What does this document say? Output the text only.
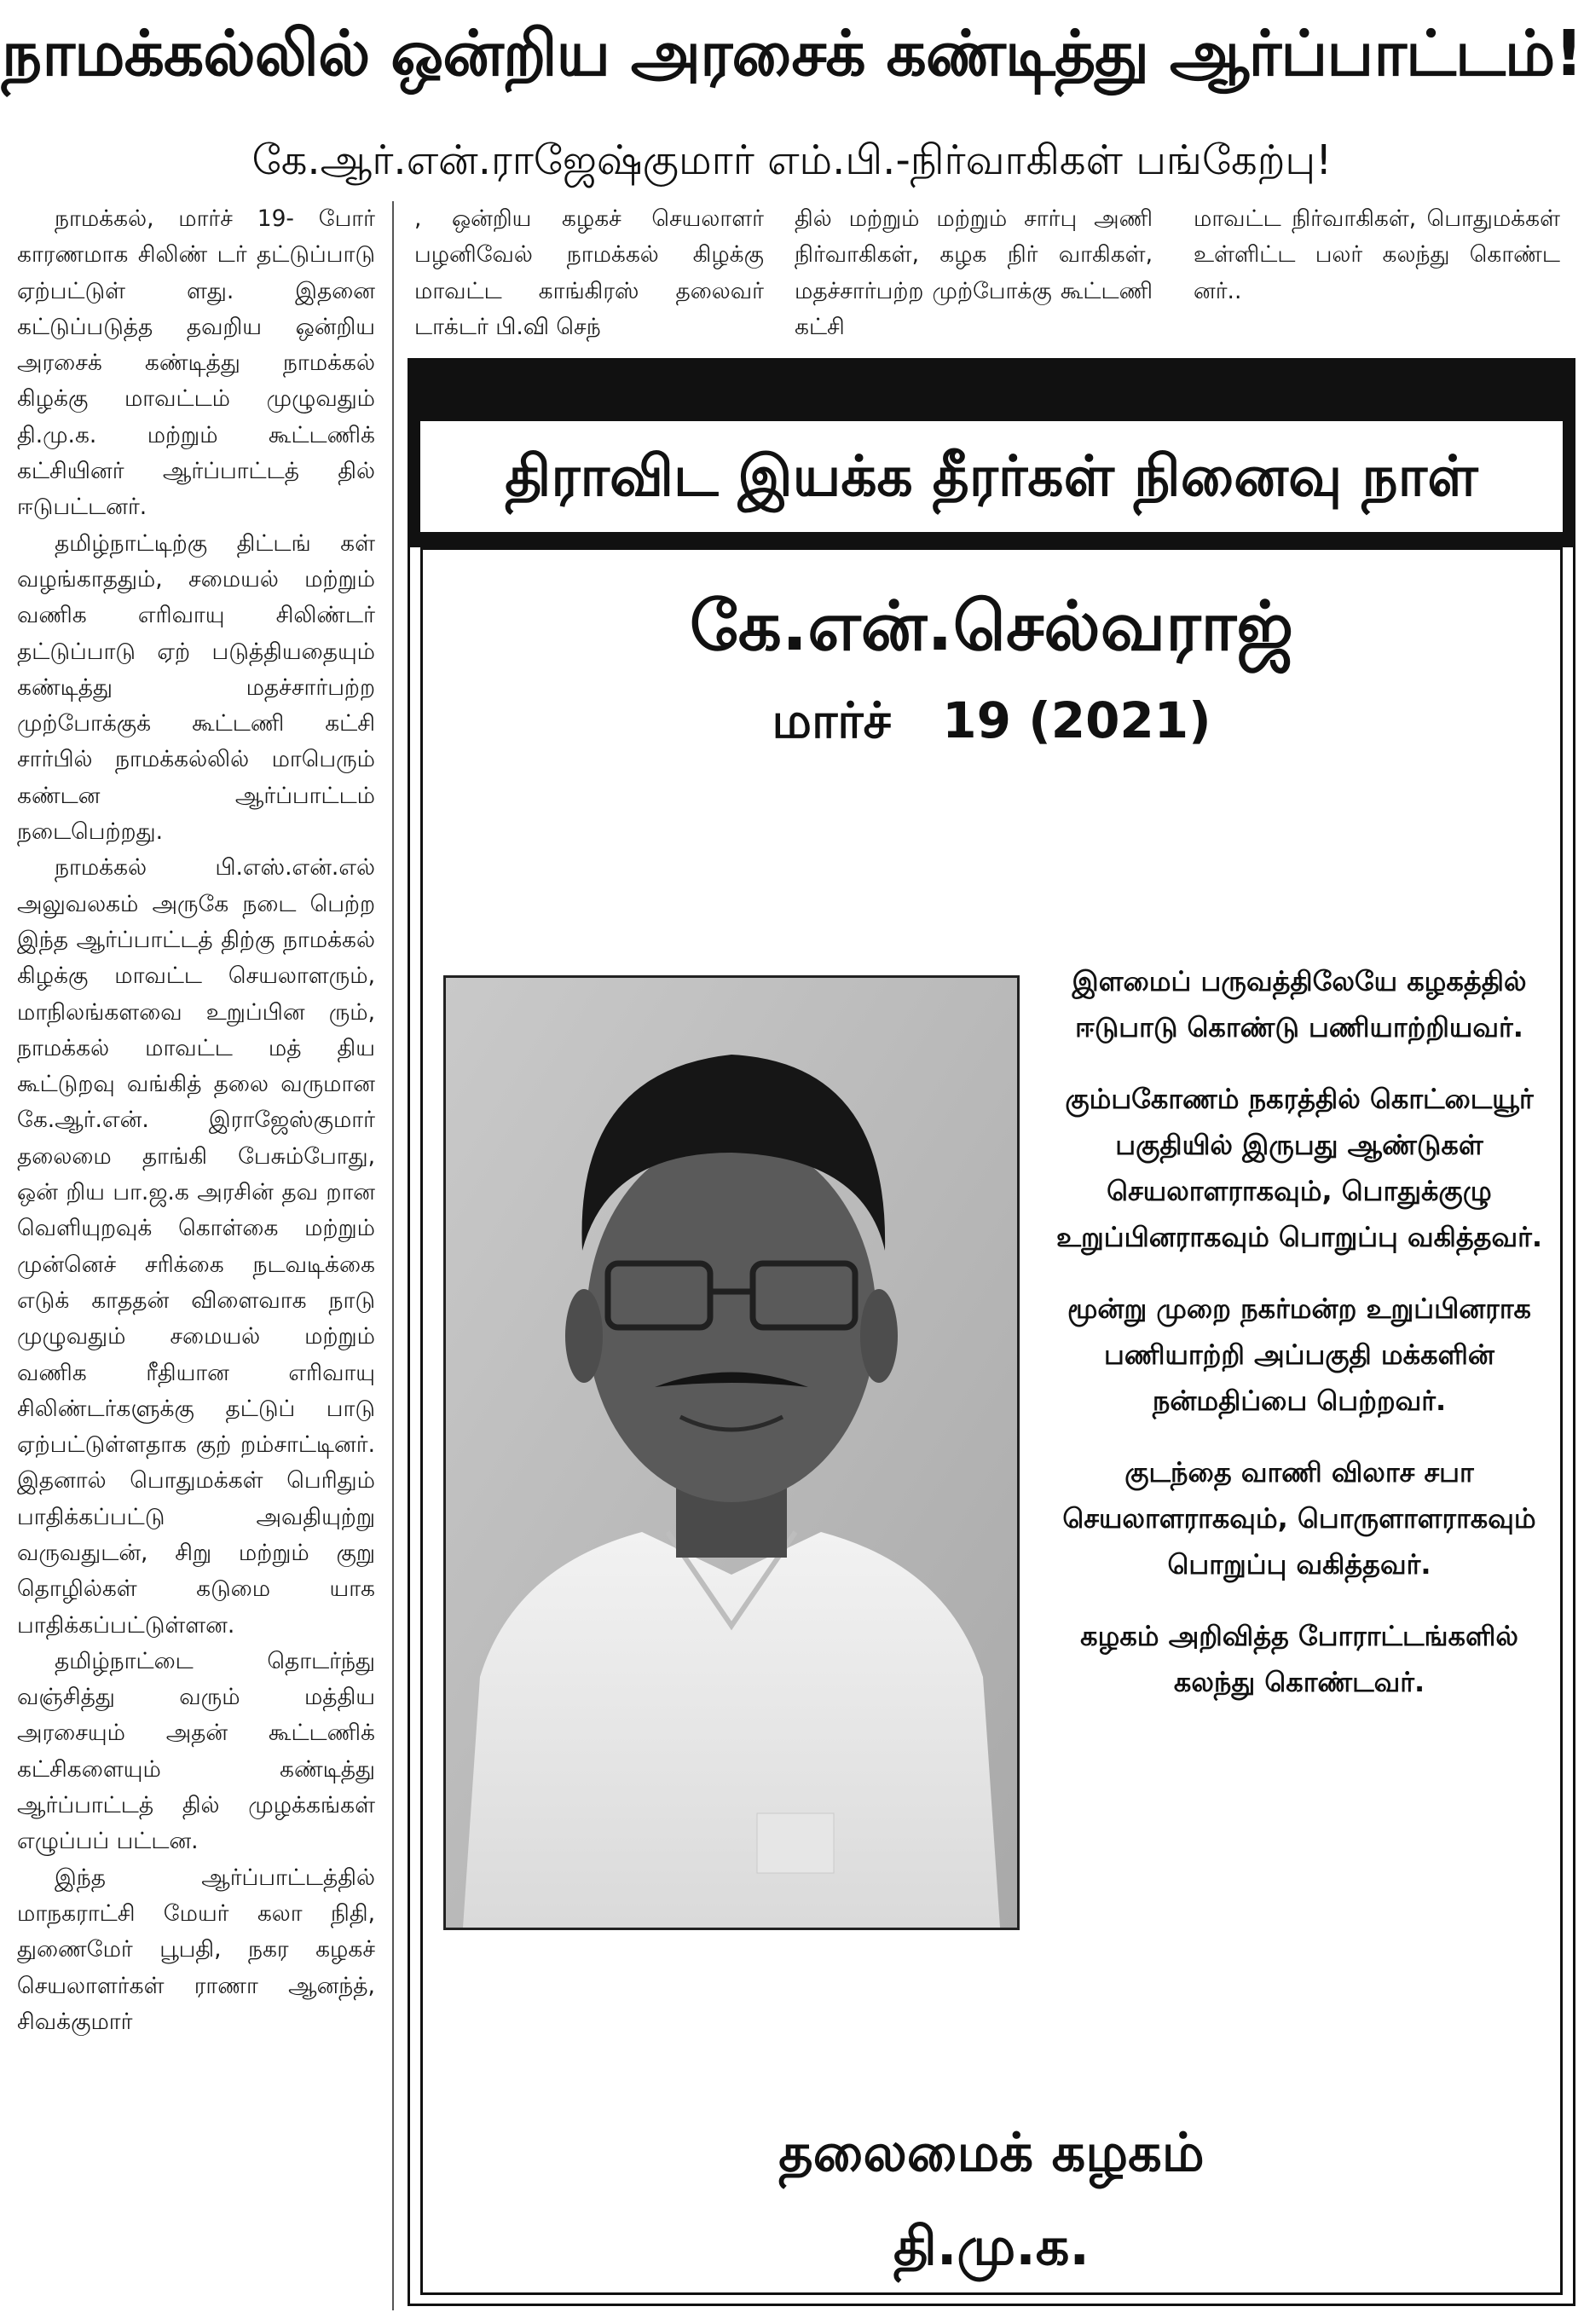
நாமக்கல்லில் ஒன்றிய அரசைக் கண்டித்து ஆர்ப்பாட்டம்!
கே.ஆர்.என்.ராஜேஷ்குமார் எம்.பி.-நிர்வாகிகள் பங்கேற்பு!

நாமக்கல், மார்ச் 19- போர் காரணமாக சிலிண் டர் தட்டுப்பாடு ஏற்பட்டுள் ளது. இதனை கட்டுப்படுத்த தவறிய ஒன்றிய அரசைக் கண்டித்து நாமக்கல் கிழக்கு மாவட்டம் முழுவதும் தி.மு.க. மற்றும் கூட்டணிக் கட்சியினர் ஆர்ப்பாட்டத் தில் ஈடுபட்டனர்.

தமிழ்நாட்டிற்கு திட்டங் கள் வழங்காததும், சமையல் மற்றும் வணிக எரிவாயு சிலிண்டர் தட்டுப்பாடு ஏற் படுத்தியதையும் கண்டித்து மதச்சார்பற்ற முற்போக்குக் கூட்டணி கட்சி சார்பில் நாமக்கல்லில் மாபெரும் கண்டன ஆர்ப்பாட்டம் நடைபெற்றது.

நாமக்கல் பி.எஸ்.என்.எல் அலுவலகம் அருகே நடை பெற்ற இந்த ஆர்ப்பாட்டத் திற்கு நாமக்கல் கிழக்கு மாவட்ட செயலாளரும், மாநிலங்களவை உறுப்பின ரும், நாமக்கல் மாவட்ட மத் திய கூட்டுறவு வங்கித் தலை வருமான கே.ஆர்.என். இராஜேஸ்குமார் தலைமை தாங்கி பேசும்போது, ஒன் றிய பா.ஜ.க அரசின் தவ றான வெளியுறவுக் கொள்கை மற்றும் முன்னெச் சரிக்கை நடவடிக்கை எடுக் காததன் விளைவாக நாடு முழுவதும் சமையல் மற்றும் வணிக ரீதியான எரிவாயு சிலிண்டர்களுக்கு தட்டுப் பாடு ஏற்பட்டுள்ளதாக குற் றம்சாட்டினர். இதனால் பொதுமக்கள் பெரிதும் பாதிக்கப்பட்டு அவதியுற்று வருவதுடன், சிறு மற்றும் குறு தொழில்கள் கடுமை யாக பாதிக்கப்பட்டுள்ளன.

தமிழ்நாட்டை தொடர்ந்து வஞ்சித்து வரும் மத்திய அரசையும் அதன் கூட்டணிக் கட்சிகளையும் கண்டித்து ஆர்ப்பாட்டத் தில் முழக்கங்கள் எழுப்பப் பட்டன.

இந்த ஆர்ப்பாட்டத்தில் மாநகராட்சி மேயர் கலா நிதி, துணைமேர் பூபதி, நகர கழகச் செயலாளர்கள் ராணா ஆனந்த், சிவக்குமார்

, ஒன்றிய கழகச் செயலாளர் பழனிவேல் நாமக்கல் கிழக்கு மாவட்ட காங்கிரஸ் தலைவர் டாக்டர் பி.வி செந்

தில் மற்றும் மற்றும் சார்பு அணி நிர்வாகிகள், கழக நிர் வாகிகள், மதச்சார்பற்ற முற்போக்கு கூட்டணி கட்சி

மாவட்ட நிர்வாகிகள், பொதுமக்கள் உள்ளிட்ட பலர் கலந்து கொண்ட னர்..

திராவிட இயக்க தீரர்கள் நினைவு நாள்
கே.என்.செல்வராஜ்
மார்ச்   19 (2021)

இளமைப் பருவத்திலேயே கழகத்தில் ஈடுபாடு கொண்டு பணியாற்றியவர்.

கும்பகோணம் நகரத்தில் கொட்டையூர் பகுதியில் இருபது ஆண்டுகள் செயலாளராகவும், பொதுக்குழு உறுப்பினராகவும் பொறுப்பு வகித்தவர்.

மூன்று முறை நகர்மன்ற உறுப்பினராக பணியாற்றி அப்பகுதி மக்களின் நன்மதிப்பை பெற்றவர்.

குடந்தை வாணி விலாச சபா செயலாளராகவும், பொருளாளராகவும் பொறுப்பு வகித்தவர்.

கழகம் அறிவித்த போராட்டங்களில் கலந்து கொண்டவர்.

தலைமைக் கழகம்
தி.மு.க.
